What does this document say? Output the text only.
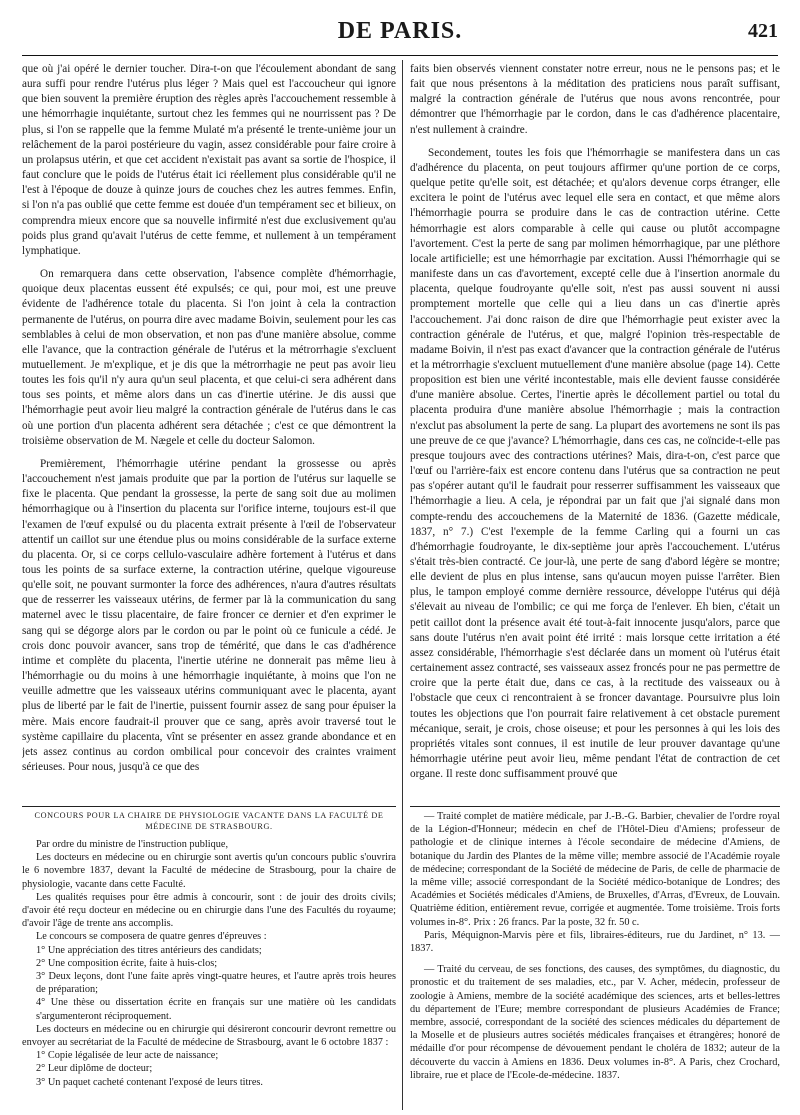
DE PARIS.	421

que où j'ai opéré le dernier toucher. Dira-t-on que l'écoulement abondant de sang aura suffi pour rendre l'utérus plus léger ? Mais quel est l'accoucheur qui ignore que bien souvent la première éruption des règles après l'accouchement ressemble à une hémorrhagie inquiétante, surtout chez les femmes qui ne nourrissent pas ? De plus, si l'on se rappelle que la femme Mulaté m'a présenté le trente-unième jour un relâchement de la paroi postérieure du vagin, assez considérable pour faire croire à un prolapsus utérin, et que cet accident n'existait pas avant sa sortie de l'hospice, il faut conclure que le poids de l'utérus était ici réellement plus considérable qu'il ne l'est à l'époque de douze à quinze jours de couches chez les autres femmes. Enfin, si l'on n'a pas oublié que cette femme est douée d'un tempérament sec et bilieux, on comprendra mieux encore que sa nouvelle infirmité n'est due exclusivement qu'au poids plus grand qu'avait l'utérus de cette femme, et nullement à un tempérament lymphatique.

On remarquera dans cette observation, l'absence complète d'hémorrhagie, quoique deux placentas eussent été expulsés; ce qui, pour moi, est une preuve évidente de l'adhérence totale du placenta. Si l'on joint à cela la contraction permanente de l'utérus, on pourra dire avec madame Boivin, seulement pour les cas semblables à celui de mon observation, et non pas d'une manière absolue, comme elle l'avance, que la contraction générale de l'utérus et la métrorrhagie s'excluent mutuellement. Je m'explique, et je dis que la métrorrhagie ne peut pas avoir lieu toutes les fois qu'il n'y aura qu'un seul placenta, et que celui-ci sera adhérent dans tous ses points, et même alors dans un cas d'inertie utérine. Je dis aussi que l'hémorrhagie peut avoir lieu malgré la contraction générale de l'utérus dans le cas où une portion d'un placenta adhérent sera détachée ; c'est ce que démontrent la troisième observation de M. Nægele et celle du docteur Salomon.

Premièrement, l'hémorrhagie utérine pendant la grossesse ou après l'accouchement n'est jamais produite que par la portion de l'utérus sur laquelle se fixe le placenta. Que pendant la grossesse, la perte de sang soit due au molimen hémorrhagique ou à l'insertion du placenta sur l'orifice interne, toujours est-il que l'examen de l'œuf expulsé ou du placenta extrait présente à l'œil de l'observateur attentif un caillot sur une étendue plus ou moins considérable de la surface externe du placenta. Or, si ce corps cellulo-vasculaire adhère fortement à l'utérus et dans tous les points de sa surface externe, la contraction utérine, quelque vigoureuse qu'elle soit, ne pouvant surmonter la force des adhérences, n'aura d'autres résultats que de resserrer les vaisseaux utérins, de fermer par là la communication du sang maternel avec le tissu placentaire, de faire froncer ce dernier et d'en exprimer le sang qui se dégorge alors par le cordon ou par le point où ce funicule a cédé. Je crois donc pouvoir avancer, sans trop de témérité, que dans le cas d'adhérence intime et complète du placenta, l'inertie utérine ne donnerait pas même lieu à l'hémorrhagie ou du moins à une hémorrhagie inquiétante, à moins que l'on ne veuille admettre que les vaisseaux utérins communiquant avec le placenta, ayant plus de liberté par le fait de l'inertie, puissent fournir assez de sang pour épuiser la mère. Mais encore faudrait-il prouver que ce sang, après avoir traversé tout le système capillaire du placenta, vînt se présenter en assez grande abondance et en jets assez continus au cordon ombilical pour concevoir des craintes vraiment sérieuses. Pour nous, jusqu'à ce que des

faits bien observés viennent constater notre erreur, nous ne le pensons pas; et le fait que nous présentons à la méditation des praticiens nous paraît suffisant, malgré la contraction générale de l'utérus que nous avons rencontrée, pour démontrer que l'hémorrhagie par le cordon, dans le cas d'adhérence placentaire, n'est nullement à craindre.

Secondement, toutes les fois que l'hémorrhagie se manifestera dans un cas d'adhérence du placenta, on peut toujours affirmer qu'une portion de ce corps, quelque petite qu'elle soit, est détachée; et qu'alors devenue corps étranger, elle excitera le point de l'utérus avec lequel elle sera en contact, et que même alors l'hémorrhagie pourra se produire dans le cas de contraction utérine. Cette hémorrhagie est alors comparable à celle qui cause ou plutôt accompagne l'avortement. C'est la perte de sang par molimen hémorrhagique, par une pléthore locale artificielle; est une hémorrhagie par excitation. Aussi l'hémorrhagie qui se manifeste dans un cas d'avortement, excepté celle due à l'insertion anormale du placenta, quelque foudroyante qu'elle soit, n'est pas aussi souvent ni aussi promptement mortelle que celle qui a lieu dans un cas d'inertie après l'accouchement. J'ai donc raison de dire que l'hémorrhagie peut exister avec la contraction générale de l'utérus, et que, malgré l'opinion très-respectable de madame Boivin, il n'est pas exact d'avancer que la contraction générale de l'utérus et la métrorrhagie s'excluent mutuellement d'une manière absolue (page 14). Cette proposition est bien une vérité incontestable, mais elle devient fausse considérée d'une manière absolue. Certes, l'inertie après le décollement partiel ou total du placenta produira d'une manière absolue l'hémorrhagie ; mais la contraction n'exclut pas absolument la perte de sang. La plupart des avortemens ne sont ils pas une preuve de ce que j'avance? L'hémorrhagie, dans ces cas, ne coïncide-t-elle pas presque toujours avec des contractions utérines? Mais, dira-t-on, c'est parce que l'œuf ou l'arrière-faix est encore contenu dans l'utérus que sa contraction ne peut pas s'opérer autant qu'il le faudrait pour resserrer suffisamment les vaisseaux que l'hémorrhagie a lieu. A cela, je répondrai par un fait que j'ai signalé dans mon compte-rendu des accouchemens de la Maternité de 1836. (Gazette médicale, 1837, n° 7.) C'est l'exemple de la femme Carling qui a fourni un cas d'hémorrhagie foudroyante, le dix-septième jour après l'accouchement. L'utérus s'était très-bien contracté. Ce jour-là, une perte de sang d'abord légère se montre; elle devient de plus en plus intense, sans qu'aucun moyen puisse l'arrêter. Bien plus, le tampon employé comme dernière ressource, développe l'utérus qui déjà s'élevait au niveau de l'ombilic; ce qui me força de l'enlever. Eh bien, c'était un petit caillot dont la présence avait été tout-à-fait innocente jusqu'alors, parce que sans doute l'utérus n'en avait point été irrité : mais lorsque cette irritation a été assez considérable, l'hémorrhagie s'est déclarée dans un moment où l'utérus était certainement assez contracté, ses vaisseaux assez froncés pour ne pas permettre de croire que la perte était due, dans ce cas, à la rectitude des vaisseaux ou à l'obstacle que ceux ci rencontraient à se froncer davantage. Poursuivre plus loin toutes les objections que l'on pourrait faire relativement à cet obstacle purement mécanique, serait, je crois, chose oiseuse; et pour les personnes à qui les lois des propriétés vitales sont connues, il est inutile de leur prouver davantage qu'une hémorrhagie utérine peut avoir lieu, même pendant l'état de contraction de cet organe. Il reste donc suffisamment prouvé que

CONCOURS POUR LA CHAIRE DE PHYSIOLOGIE VACANTE DANS LA FACULTÉ DE
MÉDECINE DE STRASBOURG.

Par ordre du ministre de l'instruction publique,

Les docteurs en médecine ou en chirurgie sont avertis qu'un concours public s'ouvrira le 6 novembre 1837, devant la Faculté de médecine de Strasbourg, pour la chaire de physiologie, vacante dans cette Faculté.

Les qualités requises pour être admis à concourir, sont : de jouir des droits civils; d'avoir été reçu docteur en médecine ou en chirurgie dans l'une des Facultés du royaume; d'avoir l'âge de trente ans accomplis.

Le concours se composera de quatre genres d'épreuves :

1° Une appréciation des titres antérieurs des candidats;

2° Une composition écrite, faite à huis-clos;

3° Deux leçons, dont l'une faite après vingt-quatre heures, et l'autre après trois heures de préparation;

4° Une thèse ou dissertation écrite en français sur une matière où les candidats s'argumenteront réciproquement.

Les docteurs en médecine ou en chirurgie qui désireront concourir devront remettre ou envoyer au secrétariat de la Faculté de médecine de Strasbourg, avant le 6 octobre 1837 :

1° Copie légalisée de leur acte de naissance;

2° Leur diplôme de docteur;

3° Un paquet cacheté contenant l'exposé de leurs titres.

— Traité complet de matière médicale, par J.-B.-G. Barbier, chevalier de l'ordre royal de la Légion-d'Honneur; médecin en chef de l'Hôtel-Dieu d'Amiens; professeur de pathologie et de clinique internes à l'école secondaire de médecine d'Amiens, de botanique du Jardin des Plantes de la même ville; membre associé de l'Académie royale de médecine; correspondant de la Société de médecine de Paris, de celle de pharmacie de la même ville; associé correspondant de la Société médico-botanique de Londres; des Académies et Sociétés médicales d'Amiens, de Bruxelles, d'Arras, d'Evreux, de Louvain. Quatrième édition, entièrement revue, corrigée et augmentée. Tome troisième. Trois forts volumes in-8°. Prix : 26 francs. Par la poste, 32 fr. 50 c.

Paris, Méquignon-Marvis père et fils, libraires-éditeurs, rue du Jardinet, n° 13. — 1837.

— Traité du cerveau, de ses fonctions, des causes, des symptômes, du diagnostic, du pronostic et du traitement de ses maladies, etc., par V. Acher, médecin, professeur de zoologie à Amiens, membre de la société académique des sciences, arts et belles-lettres du département de l'Eure; membre correspondant de plusieurs Académies de France; membre, associé, correspondant de la société des sciences médicales du département de la Moselle et de plusieurs autres sociétés médicales françaises et étrangères; honoré de médaille d'or pour récompense de dévouement pendant le choléra de 1832; auteur de la découverte du vaccin à Amiens en 1836. Deux volumes in-8°. A Paris, chez Crochard, libraire, rue et place de l'Ecole-de-médecine. 1837.
